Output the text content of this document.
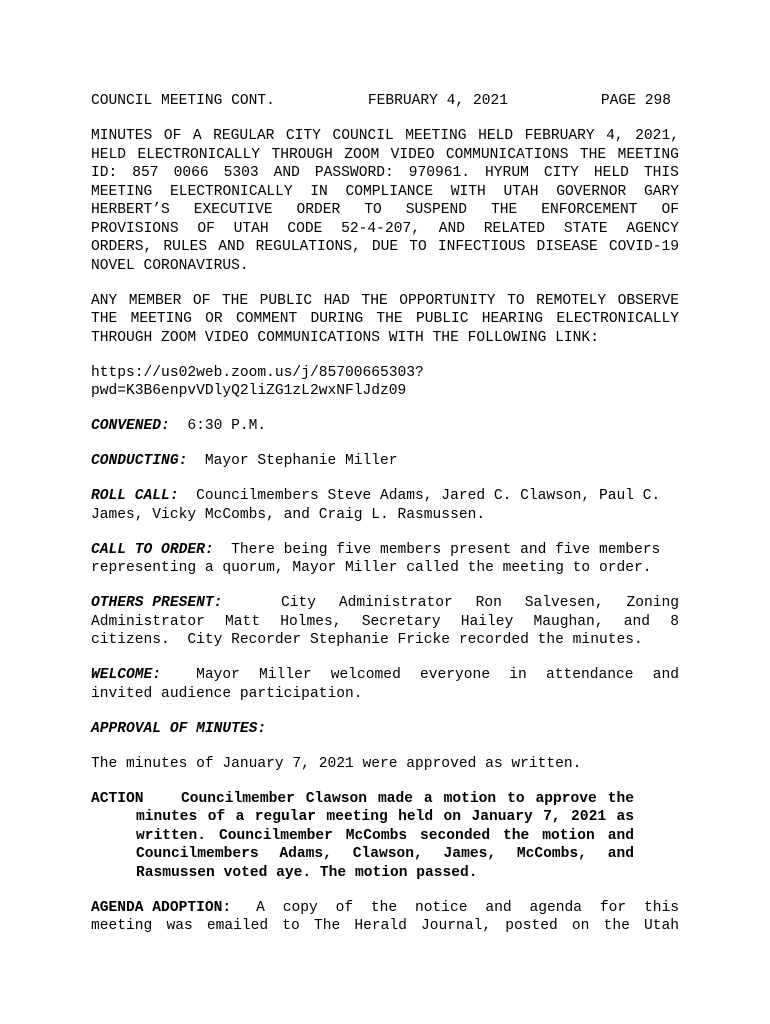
COUNCIL MEETING CONT.	FEBRUARY 4, 2021	PAGE 298
MINUTES OF A REGULAR CITY COUNCIL MEETING HELD FEBRUARY 4, 2021,
HELD ELECTRONICALLY THROUGH ZOOM VIDEO COMMUNICATIONS THE MEETING
ID: 857 0066 5303 AND PASSWORD: 970961. HYRUM CITY HELD THIS
MEETING ELECTRONICALLY IN COMPLIANCE WITH UTAH GOVERNOR GARY
HERBERT’S EXECUTIVE ORDER TO SUSPEND THE ENFORCEMENT OF
PROVISIONS OF UTAH CODE 52-4-207, AND RELATED STATE AGENCY
ORDERS, RULES AND REGULATIONS, DUE TO INFECTIOUS DISEASE COVID-19
NOVEL CORONAVIRUS.
ANY MEMBER OF THE PUBLIC HAD THE OPPORTUNITY TO REMOTELY OBSERVE
THE MEETING OR COMMENT DURING THE PUBLIC HEARING ELECTRONICALLY
THROUGH ZOOM VIDEO COMMUNICATIONS WITH THE FOLLOWING LINK:
https://us02web.zoom.us/j/85700665303?
pwd=K3B6enpvVDlyQ2liZG1zL2wxNFlJdz09
CONVENED: 6:30 P.M.
CONDUCTING: Mayor Stephanie Miller
ROLL CALL: Councilmembers Steve Adams, Jared C. Clawson, Paul C.
James, Vicky McCombs, and Craig L. Rasmussen.
CALL TO ORDER: There being five members present and five members
representing a quorum, Mayor Miller called the meeting to order.
OTHERS PRESENT:	City Administrator Ron Salvesen, Zoning
Administrator Matt Holmes, Secretary Hailey Maughan, and 8
citizens.  City Recorder Stephanie Fricke recorded the minutes.
WELCOME:	Mayor Miller welcomed everyone in attendance and
invited audience participation.
APPROVAL OF MINUTES:
The minutes of January 7, 2021 were approved as written.
ACTION	Councilmember Clawson made a motion to approve the
minutes of a regular meeting held on January 7, 2021 as
written. Councilmember McCombs seconded the motion and
Councilmembers Adams, Clawson, James, McCombs, and
Rasmussen voted aye. The motion passed.
AGENDA ADOPTION:	A copy of the notice and agenda for this
meeting was emailed to The Herald Journal, posted on the Utah
